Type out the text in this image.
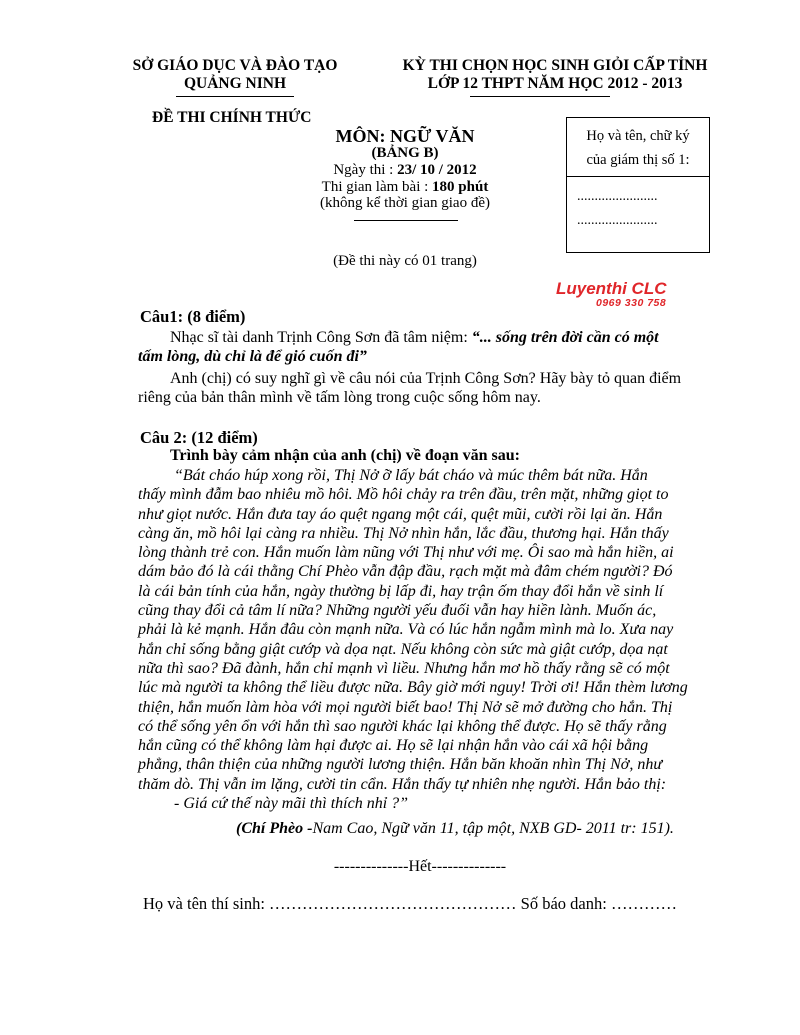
SỞ GIÁO DỤC VÀ ĐÀO TẠO
QUẢNG NINH
KỲ THI CHỌN HỌC SINH GIỎI CẤP TỈNH
LỚP 12 THPT NĂM HỌC 2012 - 2013
ĐỀ THI CHÍNH THỨC
MÔN: NGỮ VĂN
(BẢNG B)
Ngày thi : 23/ 10 / 2012
Thi gian làm bài : 180 phút
(không kể thời gian giao đề)
(Đề thi này có 01 trang)
Họ và tên, chữ ký
của giám thị số 1:
.......................
.......................
Luyenthi CLC
0969 330 758
Câu1: (8 điểm)
Nhạc sĩ tài danh Trịnh Công Sơn đã tâm niệm: “... sống trên đời cần có một
tấm lòng, dù chỉ là để gió cuốn đi”
Anh (chị) có suy nghĩ gì về câu nói của Trịnh Công Sơn? Hãy bày tỏ quan điểm
riêng của bản thân mình về tấm lòng trong cuộc sống hôm nay.
Câu 2: (12 điểm)
Trình bày cảm nhận của anh (chị) về đoạn văn sau:
“Bát cháo húp xong rồi, Thị Nở ỡ lấy bát cháo và múc thêm bát nữa. Hắn
thấy mình đẫm bao nhiêu mồ hôi. Mồ hôi chảy ra trên đầu, trên mặt, những giọt to
như giọt nước. Hắn đưa tay áo quệt ngang một cái, quệt mũi, cười rồi lại ăn. Hắn
càng ăn, mồ hôi lại càng ra nhiều. Thị Nở nhìn hắn, lắc đầu, thương hại. Hắn thấy
lòng thành trẻ con. Hắn muốn làm nũng với Thị như với mẹ. Ôi sao mà hắn hiền, ai
dám bảo đó là cái thằng Chí Phèo vẫn đập đầu, rạch mặt mà đâm chém người? Đó
là cái bản tính của hắn, ngày thường bị lấp đi, hay trận ốm thay đổi hắn về sinh lí
cũng thay đổi cả tâm lí nữa? Những người yếu đuối vẫn hay hiền lành. Muốn ác,
phải là kẻ mạnh. Hắn đâu còn mạnh nữa. Và có lúc hắn ngẫm mình mà lo. Xưa nay
hắn chỉ sống bằng giật cướp và dọa nạt. Nếu không còn sức mà giật cướp, dọa nạt
nữa thì sao? Đã đành, hắn chỉ mạnh vì liều. Nhưng hắn mơ hồ thấy rằng sẽ có một
lúc mà người ta không thể liều được nữa. Bây giờ mới nguy! Trời ơi! Hắn thèm lương
thiện, hắn muốn làm hòa với mọi người biết bao! Thị Nở sẽ mở đường cho hắn. Thị
có thể sống yên ổn với hắn thì sao người khác lại không thể được. Họ sẽ thấy rằng
hắn cũng có thể không làm hại được ai. Họ sẽ lại nhận hắn vào cái xã hội bằng
phẳng, thân thiện của những người lương thiện. Hắn băn khoăn nhìn Thị Nở, như
thăm dò. Thị vẫn im lặng, cười tin cẩn. Hắn thấy tự nhiên nhẹ người. Hắn bảo thị:
- Giá cứ thế này mãi thì thích nhỉ ?”
(Chí Phèo -Nam Cao, Ngữ văn 11, tập một, NXB GD- 2011 tr: 151).
--------------Hết--------------
Họ và tên thí sinh: ……………………………………… Số báo danh: …………
